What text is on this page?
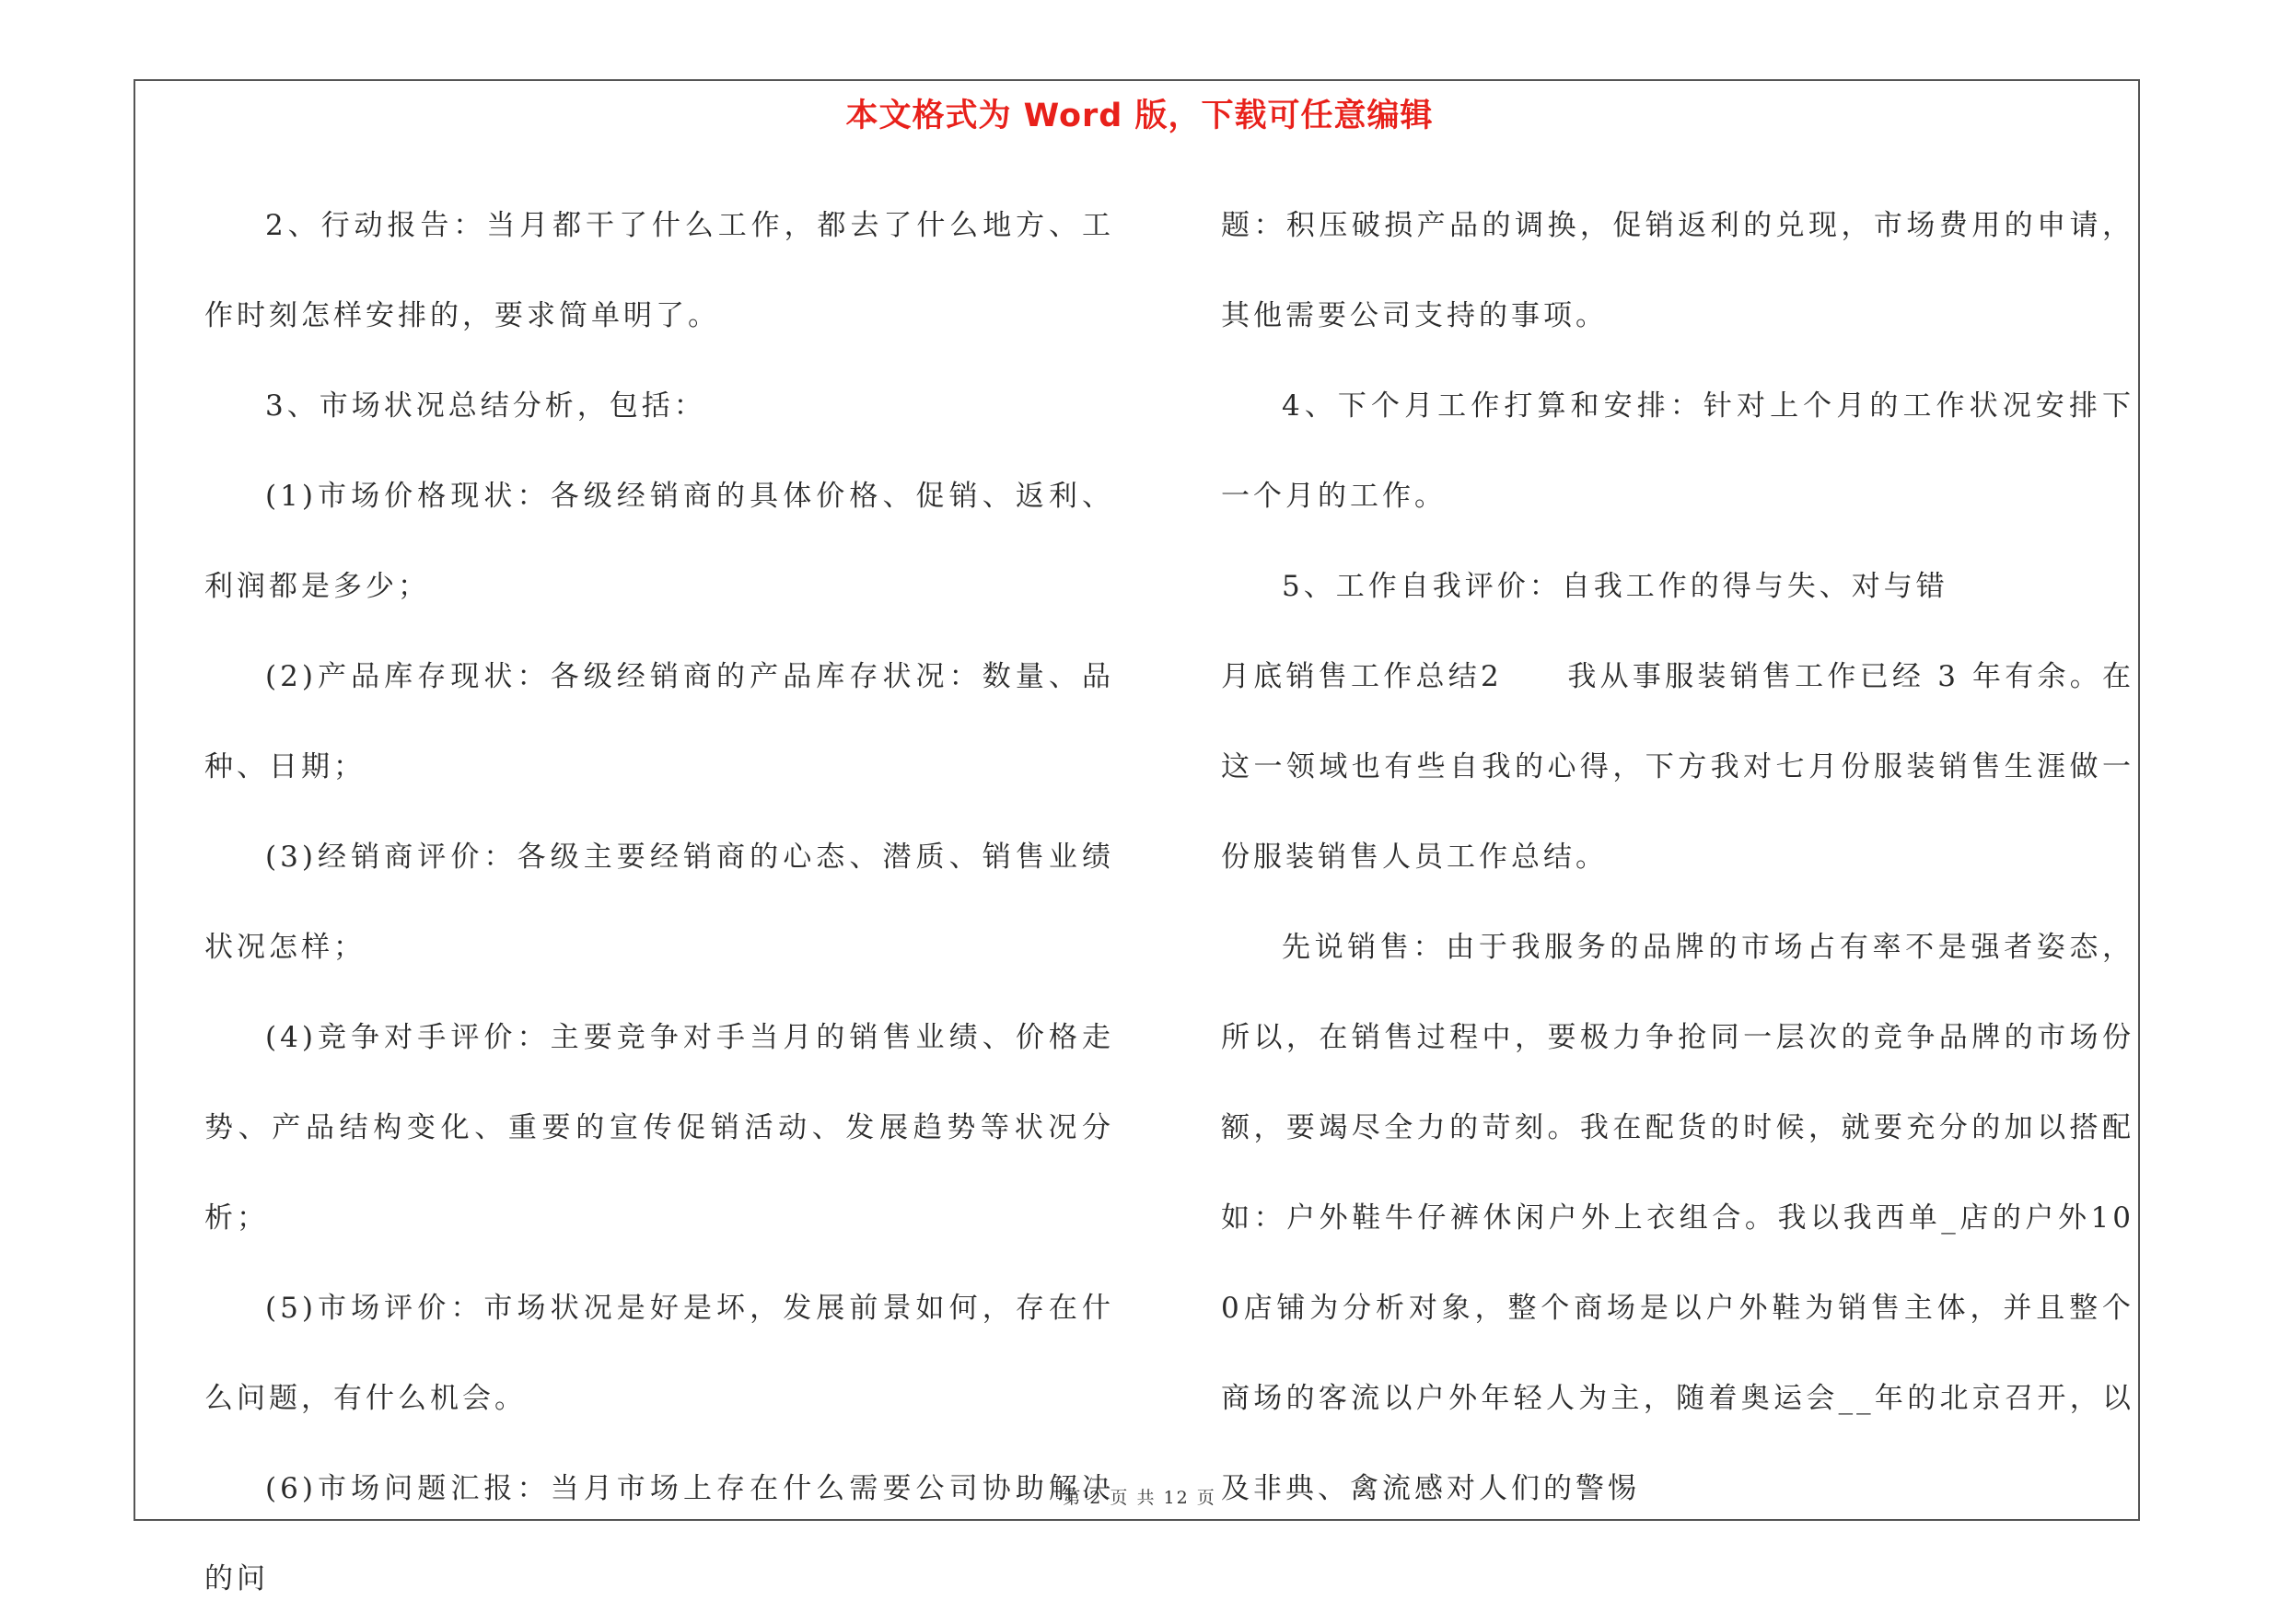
本文格式为 Word 版，下载可任意编辑

2、行动报告：当月都干了什么工作，都去了什么地方、工作时刻怎样安排的，要求简单明了。

3、市场状况总结分析，包括：

(1)市场价格现状：各级经销商的具体价格、促销、返利、利润都是多少；

(2)产品库存现状：各级经销商的产品库存状况：数量、品种、日期；

(3)经销商评价：各级主要经销商的心态、潜质、销售业绩状况怎样；

(4)竞争对手评价：主要竞争对手当月的销售业绩、价格走势、产品结构变化、重要的宣传促销活动、发展趋势等状况分析；

(5)市场评价：市场状况是好是坏，发展前景如何，存在什么问题，有什么机会。

(6)市场问题汇报：当月市场上存在什么需要公司协助解决的问

题：积压破损产品的调换，促销返利的兑现，市场费用的申请，其他需要公司支持的事项。

4、下个月工作打算和安排：针对上个月的工作状况安排下一个月的工作。

5、工作自我评价：自我工作的得与失、对与错

月底销售工作总结2　　我从事服装销售工作已经 3 年有余。在这一领域也有些自我的心得，下方我对七月份服装销售生涯做一份服装销售人员工作总结。

先说销售：由于我服务的品牌的市场占有率不是强者姿态，所以，在销售过程中，要极力争抢同一层次的竞争品牌的市场份额，要竭尽全力的苛刻。我在配货的时候，就要充分的加以搭配如：户外鞋牛仔裤休闲户外上衣组合。我以我西单_店的户外100店铺为分析对象，整个商场是以户外鞋为销售主体，并且整个商场的客流以户外年轻人为主，随着奥运会__年的北京召开，以及非典、禽流感对人们的警惕

第 2 页 共 12 页
